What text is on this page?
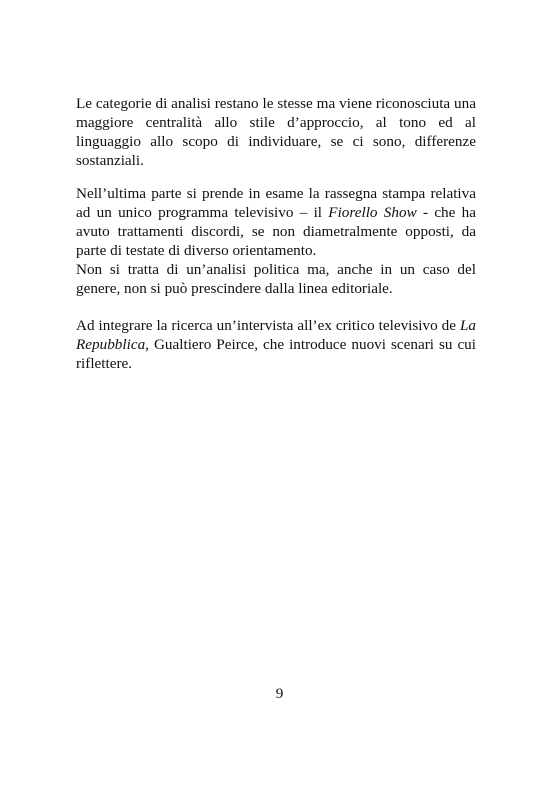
Le categorie di analisi restano le stesse ma viene riconosciuta una maggiore centralità allo stile d’approccio, al tono ed al linguaggio allo scopo di individuare, se ci sono, differenze sostanziali.

Nell’ultima parte si prende in esame la rassegna stampa relativa ad un unico programma televisivo – il Fiorello Show - che ha avuto trattamenti discordi, se non diametralmente opposti, da parte di testate di diverso orientamento.

Non si tratta di un’analisi politica ma, anche in un caso del genere, non si può prescindere dalla linea editoriale.

Ad integrare la ricerca un’intervista all’ex critico televisivo de La Repubblica, Gualtiero Peirce, che introduce nuovi scenari su cui riflettere.

9
